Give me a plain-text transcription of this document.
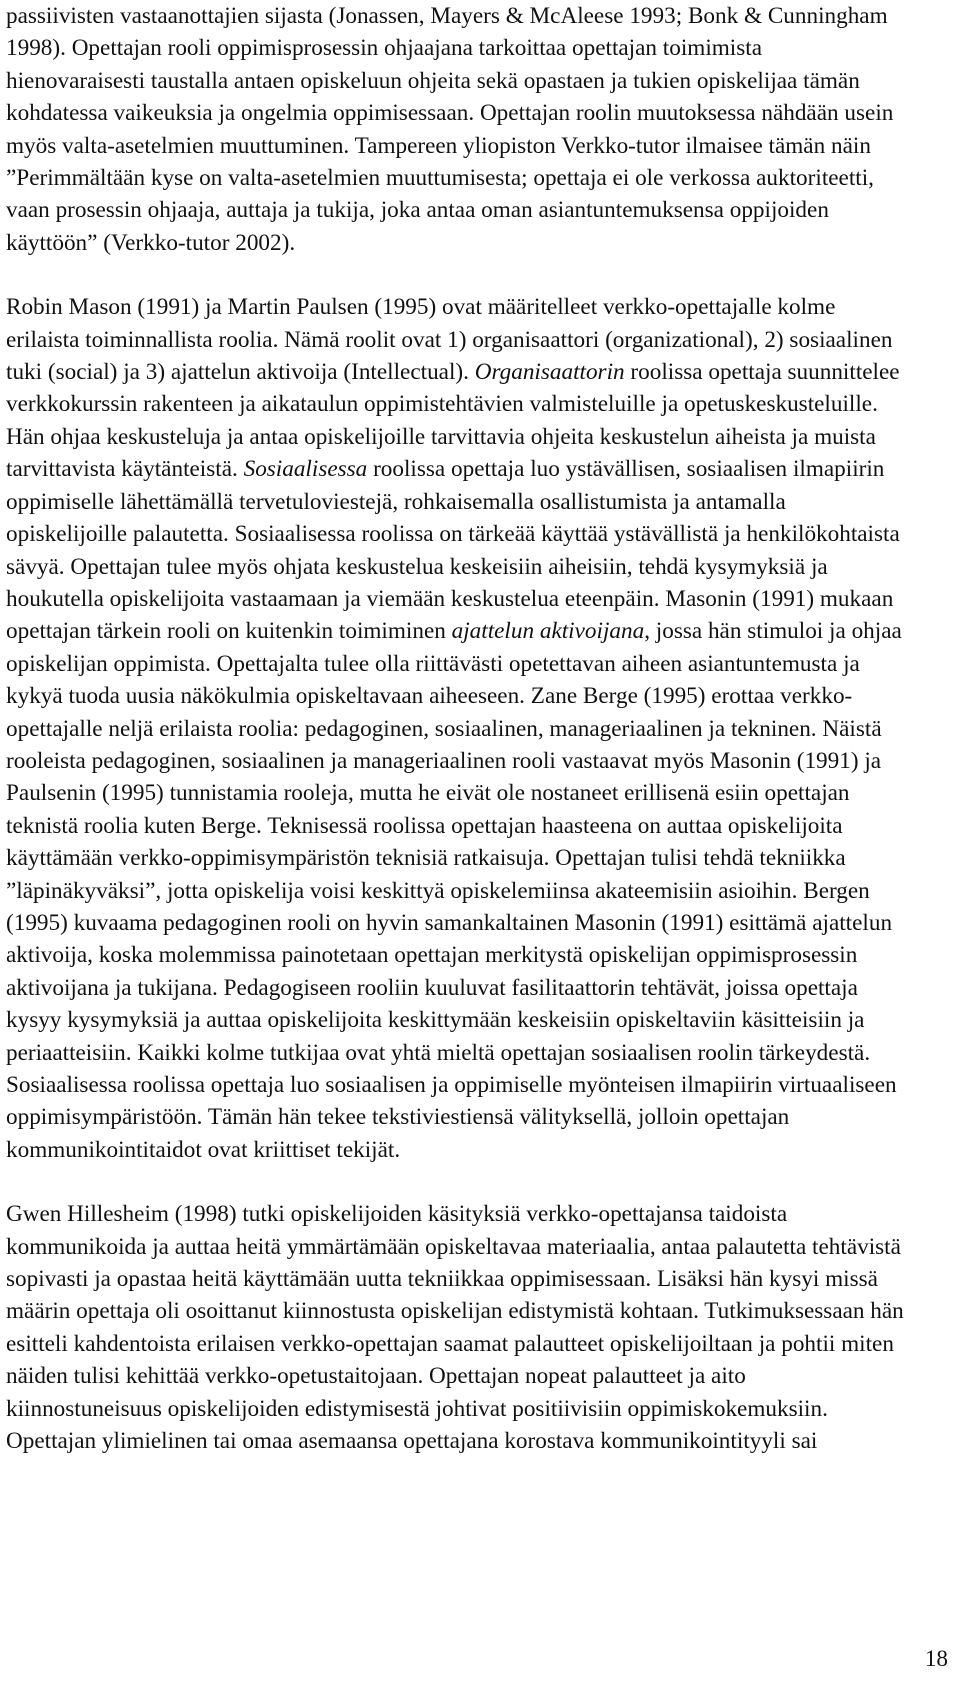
passiivisten vastaanottajien sijasta (Jonassen, Mayers & McAleese 1993; Bonk & Cunningham 1998). Opettajan rooli oppimisprosessin ohjaajana tarkoittaa opettajan toimimista hienovaraisesti taustalla antaen opiskeluun ohjeita sekä opastaen ja tukien opiskelijaa tämän kohdatessa vaikeuksia ja ongelmia oppimisessaan. Opettajan roolin muutoksessa nähdään usein myös valta-asetelmien muuttuminen. Tampereen yliopiston Verkko-tutor ilmaisee tämän näin ”Perimmältään kyse on valta-asetelmien muuttumisesta; opettaja ei ole verkossa auktoriteetti, vaan prosessin ohjaaja, auttaja ja tukija, joka antaa oman asiantuntemuksensa oppijoiden käyttöön” (Verkko-tutor 2002).

Robin Mason (1991) ja Martin Paulsen (1995) ovat määritelleet verkko-opettajalle kolme erilaista toiminnallista roolia. Nämä roolit ovat 1) organisaattori (organizational), 2) sosiaalinen tuki (social) ja 3) ajattelun aktivoija (Intellectual). Organisaattorin roolissa opettaja suunnittelee verkkokurssin rakenteen ja aikataulun oppimistehtävien valmisteluille ja opetuskeskusteluille. Hän ohjaa keskusteluja ja antaa opiskelijoille tarvittavia ohjeita keskustelun aiheista ja muista tarvittavista käytänteistä. Sosiaalisessa roolissa opettaja luo ystävällisen, sosiaalisen ilmapiirin oppimiselle lähettämällä tervetuloviestejä, rohkaisemalla osallistumista ja antamalla opiskelijoille palautetta. Sosiaalisessa roolissa on tärkeää käyttää ystävällistä ja henkilökohtaista sävyä. Opettajan tulee myös ohjata keskustelua keskeisiin aiheisiin, tehdä kysymyksiä ja houkutella opiskelijoita vastaamaan ja viemään keskustelua eteenpäin. Masonin (1991) mukaan opettajan tärkein rooli on kuitenkin toimiminen ajattelun aktivoijana, jossa hän stimuloi ja ohjaa opiskelijan oppimista. Opettajalta tulee olla riittävästi opetettavan aiheen asiantuntemusta ja kykyä tuoda uusia näkökulmia opiskeltavaan aiheeseen. Zane Berge (1995) erottaa verkko-opettajalle neljä erilaista roolia: pedagoginen, sosiaalinen, manageriaalinen ja tekninen. Näistä rooleista pedagoginen, sosiaalinen ja manageriaalinen rooli vastaavat myös Masonin (1991) ja Paulsenin (1995) tunnistamia rooleja, mutta he eivät ole nostaneet erillisenä esiin opettajan teknistä roolia kuten Berge. Teknisessä roolissa opettajan haasteena on auttaa opiskelijoita käyttämään verkko-oppimisympäristön teknisiä ratkaisuja. Opettajan tulisi tehdä tekniikka ”läpinäkyväksi”, jotta opiskelija voisi keskittyä opiskelemiinsa akateemisiin asioihin. Bergen (1995) kuvaama pedagoginen rooli on hyvin samankaltainen Masonin (1991) esittämä ajattelun aktivoija, koska molemmissa painotetaan opettajan merkitystä opiskelijan oppimisprosessin aktivoijana ja tukijana. Pedagogiseen rooliin kuuluvat fasilitaattorin tehtävät, joissa opettaja kysyy kysymyksiä ja auttaa opiskelijoita keskittymään keskeisiin opiskeltaviin käsitteisiin ja periaatteisiin. Kaikki kolme tutkijaa ovat yhtä mieltä opettajan sosiaalisen roolin tärkeydestä. Sosiaalisessa roolissa opettaja luo sosiaalisen ja oppimiselle myönteisen ilmapiirin virtuaaliseen oppimisympäristöön. Tämän hän tekee tekstiviestiensä välityksellä, jolloin opettajan kommunikointitaidot ovat kriittiset tekijät.

Gwen Hillesheim (1998) tutki opiskelijoiden käsityksiä verkko-opettajansa taidoista kommunikoida ja auttaa heitä ymmärtämään opiskeltavaa materiaalia, antaa palautetta tehtävistä sopivasti ja opastaa heitä käyttämään uutta tekniikkaa oppimisessaan. Lisäksi hän kysyi missä määrin opettaja oli osoittanut kiinnostusta opiskelijan edistymistä kohtaan. Tutkimuksessaan hän esitteli kahdentoista erilaisen verkko-opettajan saamat palautteet opiskelijoiltaan ja pohtii miten näiden tulisi kehittää verkko-opetustaitojaan. Opettajan nopeat palautteet ja aito kiinnostuneisuus opiskelijoiden edistymisestä johtivat positiivisiin oppimiskokemuksiin. Opettajan ylimielinen tai omaa asemaansa opettajana korostava kommunikointityyli sai

18
